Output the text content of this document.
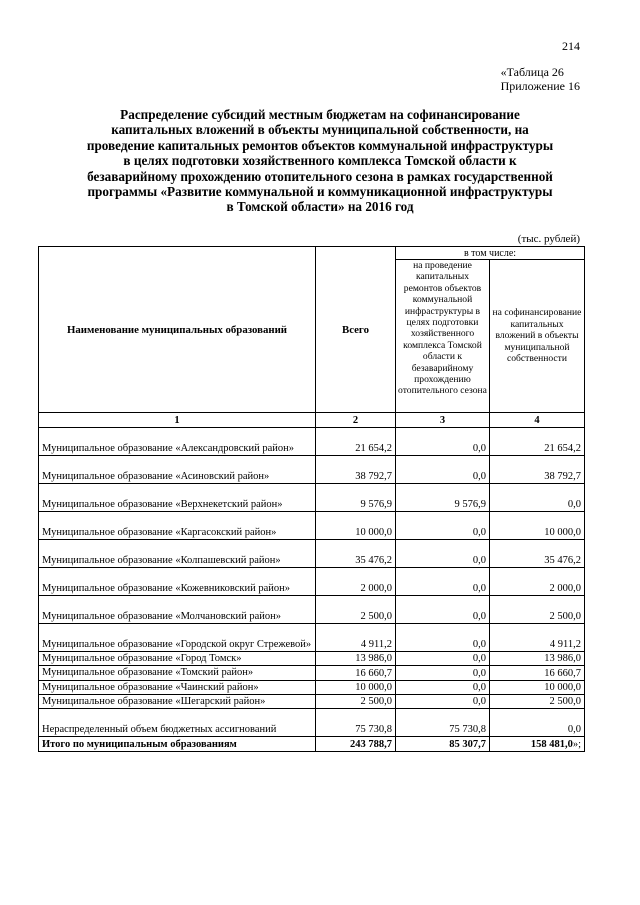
214
«Таблица 26
Приложение 16
Распределение субсидий местным бюджетам на софинансирование
капитальных вложений в объекты муниципальной собственности, на
проведение капитальных ремонтов объектов коммунальной инфраструктуры
в целях подготовки хозяйственного комплекса Томской области к
безаварийному прохождению отопительного сезона в рамках государственной
программы «Развитие коммунальной и коммуникационной инфраструктуры
в Томской области» на 2016 год
(тыс. рублей)
Наименование муниципальных образований	Всего	в том числе:	
		на проведение капитальных ремонтов объектов коммунальной инфраструктуры в целях подготовки хозяйственного комплекса Томской области к безаварийному прохождению отопительного сезона	на софинансирование капитальных вложений в объекты муниципальной собственности
1	2	3	4
Муниципальное образование «Александровский район»	21 654,2	0,0	21 654,2
Муниципальное образование «Асиновский район»	38 792,7	0,0	38 792,7
Муниципальное образование «Верхнекетский район»	9 576,9	9 576,9	0,0
Муниципальное образование «Каргасокский район»	10 000,0	0,0	10 000,0
Муниципальное образование «Колпашевский район»	35 476,2	0,0	35 476,2
Муниципальное образование «Кожевниковский район»	2 000,0	0,0	2 000,0
Муниципальное образование «Молчановский район»	2 500,0	0,0	2 500,0
Муниципальное образование «Городской округ Стрежевой»	4 911,2	0,0	4 911,2
Муниципальное образование «Город Томск»	13 986,0	0,0	13 986,0
Муниципальное образование «Томский район»	16 660,7	0,0	16 660,7
Муниципальное образование «Чаинский район»	10 000,0	0,0	10 000,0
Муниципальное образование «Шегарский район»	2 500,0	0,0	2 500,0
Нераспределенный объем бюджетных ассигнований	75 730,8	75 730,8	0,0
Итого по муниципальным образованиям	243 788,7	85 307,7	158 481,0»;
